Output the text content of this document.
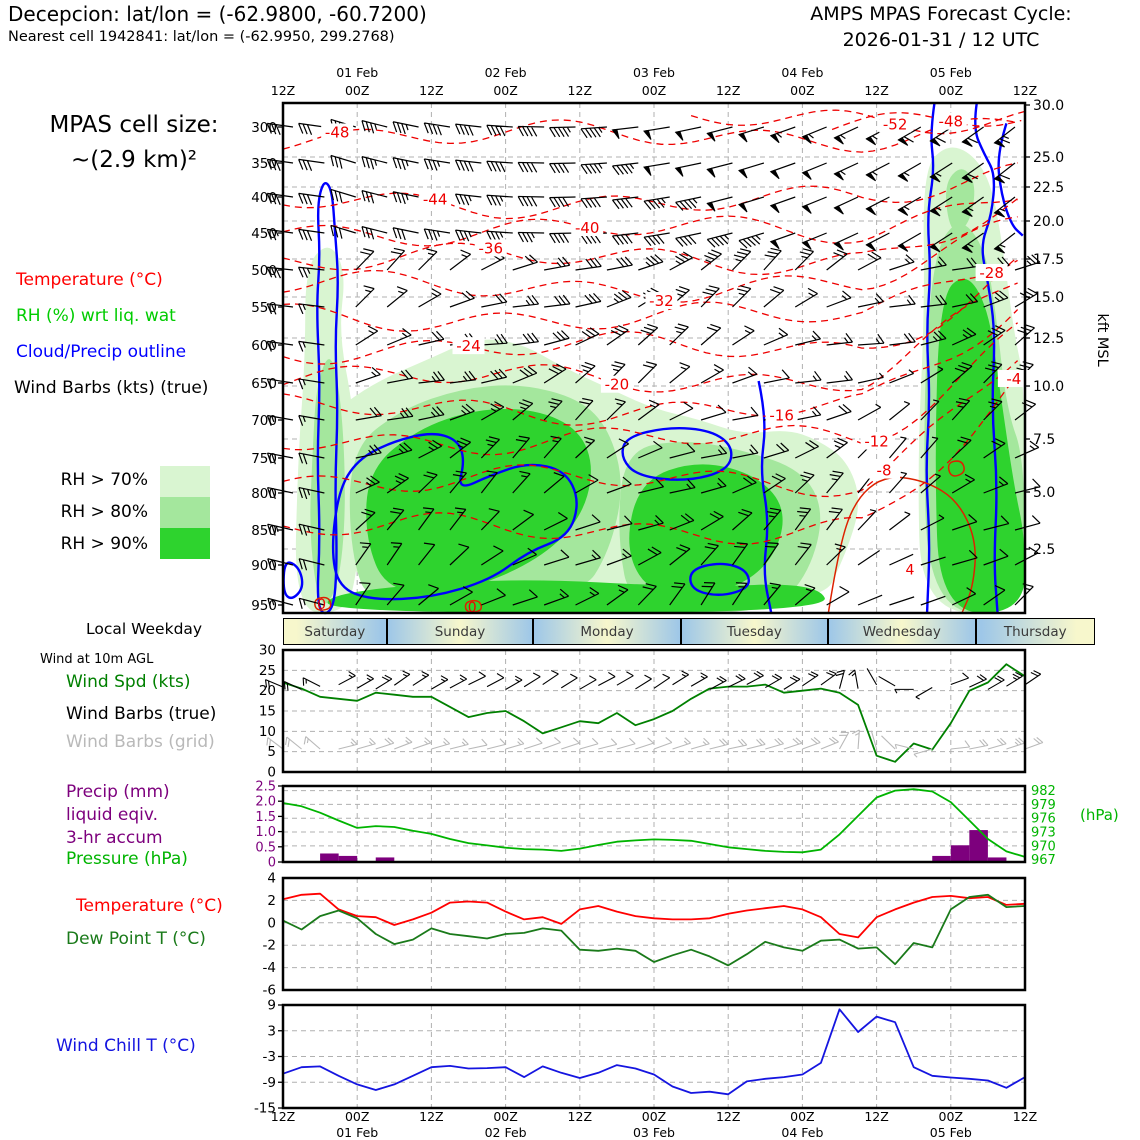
Decepcion: lat/lon = (-62.9800, -60.7200)
Nearest cell 1942841: lat/lon = (-62.9950, 299.2768)
AMPS MPAS Forecast Cycle:
2026-01-31 / 12 UTC
MPAS cell size:
~(2.9 km)²
Temperature (°C)
RH (%) wrt liq. wat
Cloud/Precip outline
Wind Barbs (kts) (true)
RH > 70%
RH > 80%
RH > 90%
Local Weekday	Saturday	Sunday	Monday	Tuesday	Wednesday	Thursday
Wind at 10m AGL
Wind Spd (kts)
Wind Barbs (true)
Wind Barbs (grid)
Precip (mm)
liquid eqiv.
3-hr accum
Pressure (hPa)
(hPa)
Temperature (°C)
Dew Point T (°C)
Wind Chill T (°C)
12Z
12Z
00Z
00Z
01 Feb
01 Feb
12Z
12Z
00Z
00Z
02 Feb
02 Feb
12Z
12Z
00Z
00Z
03 Feb
03 Feb
12Z
12Z
00Z
00Z
04 Feb
04 Feb
12Z
12Z
00Z
00Z
05 Feb
05 Feb
12Z
12Z
-52
-48
-48
-44
-40
-36
-32
-28
-24
-20
-16
-12
-8
-4
0	0
4
300
350
400
450
500
550
600
650
700
750
800
850
900
950
30.0
25.0
22.5
20.0
17.5
15.0
12.5
10.0
7.5
5.0
2.5
kft MSL
30
25
20
15
10
5
0
0
0.5
1.0
1.5
2.0
2.5
967
970
973
976
979
982
4
2
0
-2
-4
-6
9
3
-3
-9
-15
